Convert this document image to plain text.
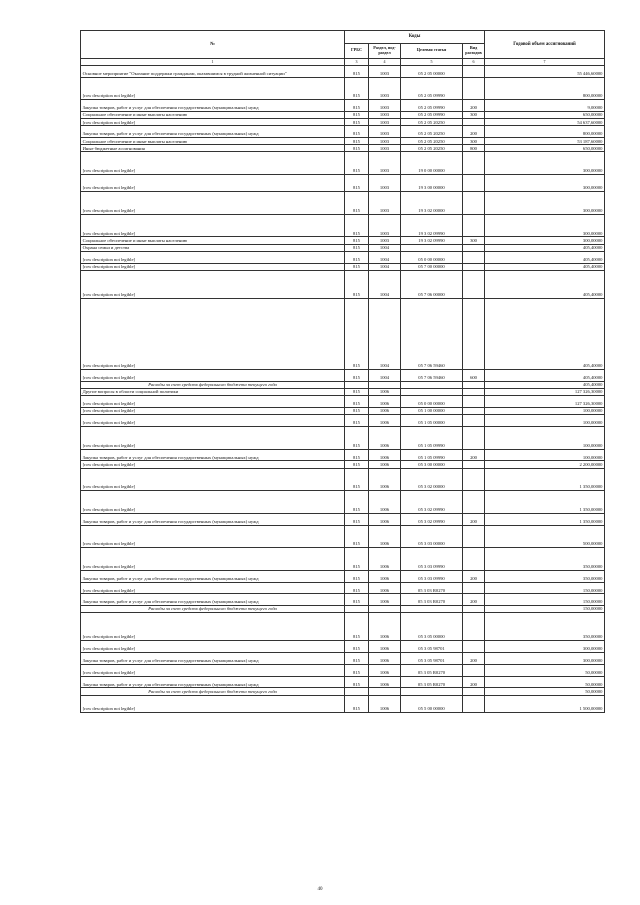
№	Коды				Годовой объем ассигнований
	ГРБС	Раздел, под-раздел	Целевая статья	Вид расходов	
1	3	4	5	6	7
Основное мероприятие "Оказание поддержки гражданам, оказавшимся в трудной жизненной ситуации"	815	1003	05 2 05 00000		55 446,60000
[row description not legible]	815	1003	05 2 05 09990		800,00000
Закупка товаров, работ и услуг для обеспечения государственных (муниципальных) нужд	815	1003	05 2 05 09990	200	9,00000
Социальное обеспечение и иные выплаты населению	815	1003	05 2 05 09990	300	650,00000
[row description not legible]	815	1003	05 2 05 20250		54 637,60000
Закупка товаров, работ и услуг для обеспечения государственных (муниципальных) нужд	815	1003	05 2 05 20250	200	800,00000
Социальное обеспечение и иные выплаты населению	815	1003	05 2 05 20250	300	53 187,60000
Иные бюджетные ассигнования	815	1003	05 2 05 20250	800	650,00000
[row description not legible]	815	1003	19 0 00 00000		300,00000
[row description not legible]	815	1003	19 3 00 00000		300,00000
[row description not legible]	815	1003	19 3 02 00000		300,00000
[row description not legible]	815	1003	19 3 02 09990		300,00000
Социальное обеспечение и иные выплаты населению	815	1003	19 3 02 09990	300	300,00000
Охрана семьи и детства	815	1004			405,40000
[row description not legible]	815	1004	05 0 00 00000		405,40000
[row description not legible]	815	1004	05 7 00 00000		405,40000
[row description not legible]	815	1004	05 7 06 00000		405,40000
[row description not legible]	815	1004	05 7 06 59460		405,40000
[row description not legible]	815	1004	05 7 06 59460	600	405,40000
Расходы за счет средств федерального бюджета текущего года					405,40000
Другие вопросы в области социальной политики	815	1006			127 326,30000
[row description not legible]	815	1006	05 0 00 00000		127 326,30000
[row description not legible]	815	1006	05 1 00 00000		100,00000
[row description not legible]	815	1006	05 1 05 00000		100,00000
[row description not legible]	815	1006	05 1 05 09990		100,00000
Закупка товаров, работ и услуг для обеспечения государственных (муниципальных) нужд	815	1006	05 1 05 09990	200	100,00000
[row description not legible]	815	1006	05 3 00 00000		2 200,00000
[row description not legible]	815	1006	05 3 02 00000		1 350,00000
[row description not legible]	815	1006	05 3 02 09990		1 350,00000
Закупка товаров, работ и услуг для обеспечения государственных (муниципальных) нужд	815	1006	05 3 02 09990	200	1 350,00000
[row description not legible]	815	1006	05 3 03 00000		500,00000
[row description not legible]	815	1006	05 3 03 09990		350,00000
Закупка товаров, работ и услуг для обеспечения государственных (муниципальных) нужд	815	1006	05 3 03 09990	200	350,00000
[row description not legible]	815	1006	05 3 03 R0270		150,00000
Закупка товаров, работ и услуг для обеспечения государственных (муниципальных) нужд	815	1006	05 3 03 R0270	200	150,00000
Расходы за счет средств федерального бюджета текущего года					150,00000
[row description not legible]	815	1006	05 3 05 00000		350,00000
[row description not legible]	815	1006	05 3 05 98701		300,00000
Закупка товаров, работ и услуг для обеспечения государственных (муниципальных) нужд	815	1006	05 3 05 98701	200	300,00000
[row description not legible]	815	1006	05 3 05 R0270		50,00000
Закупка товаров, работ и услуг для обеспечения государственных (муниципальных) нужд	815	1006	05 3 05 R0270	200	50,00000
Расходы за счет средств федерального бюджета текущего года					50,00000
[row description not legible]	815	1006	05 5 00 00000		1 500,00000
40
